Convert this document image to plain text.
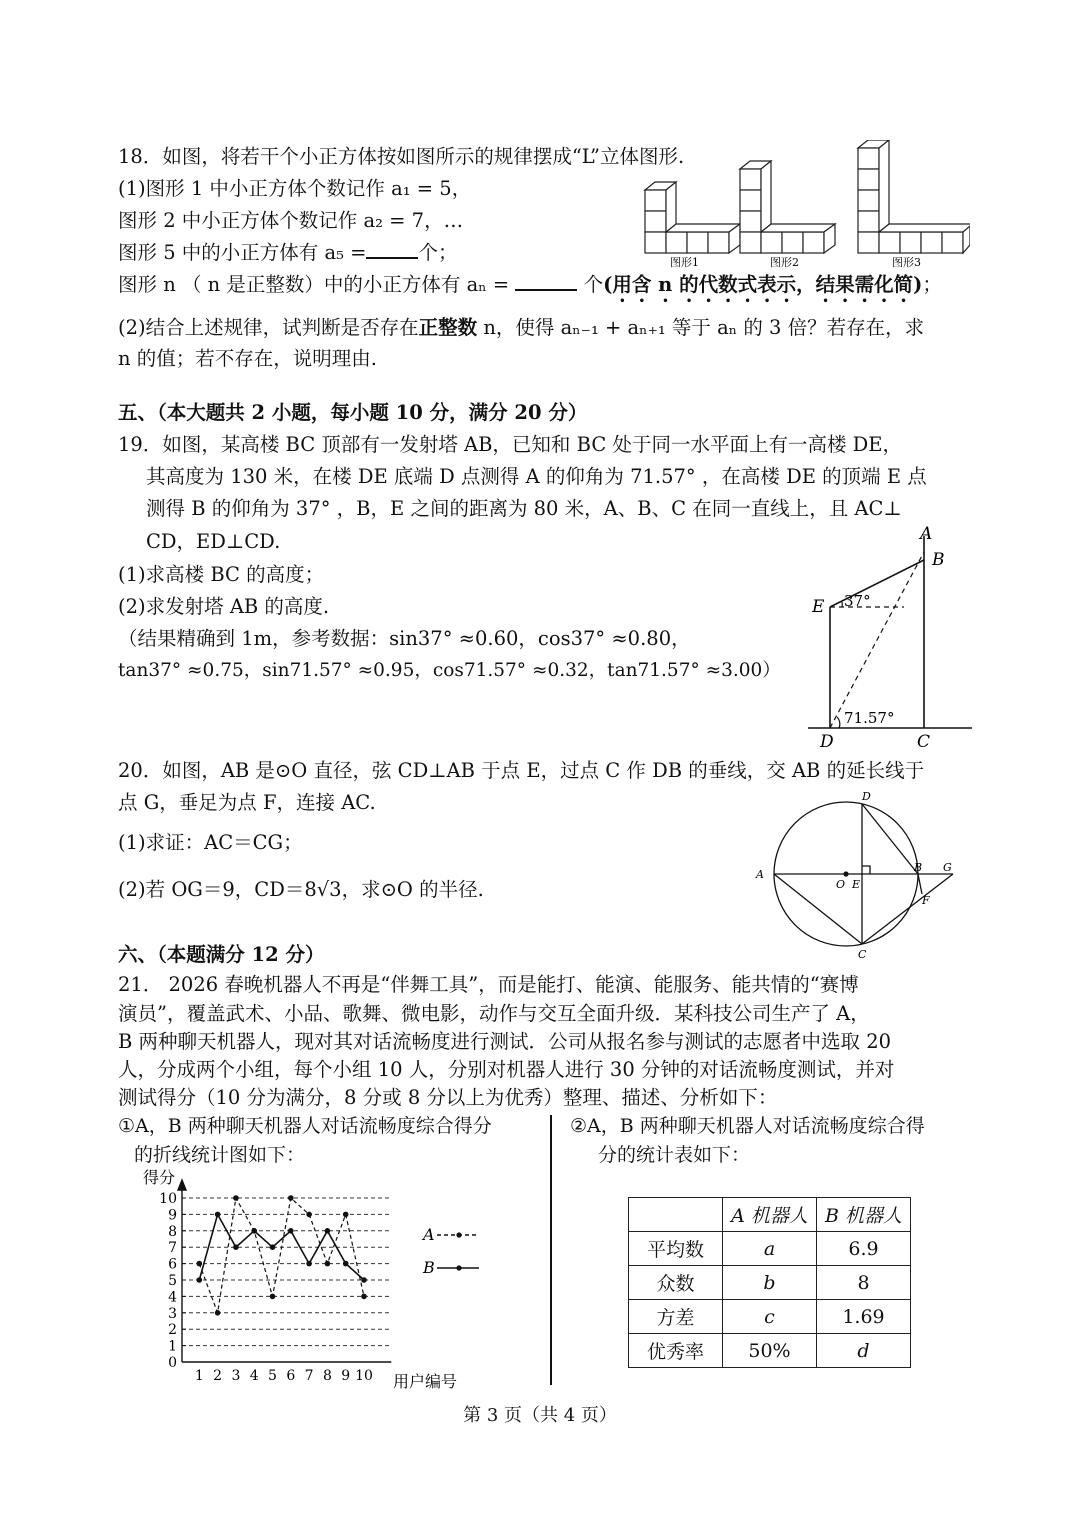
18．如图，将若干个小正方体按如图所示的规律摆成“L”立体图形.
(1)图形 1 中小正方体个数记作 a₁ = 5，
图形 2 中小正方体个数记作 a₂ = 7，…
图形 5 中的小正方体有 a₅ =	个；
图形 n （ n 是正整数）中的小正方体有 aₙ =	个(用含 n 的代数式表示，结果需化简)；
(2)结合上述规律，试判断是否存在正整数 n，使得 aₙ₋₁ + aₙ₊₁ 等于 aₙ 的 3 倍？若存在，求
n 的值；若不存在，说明理由.
图形1	图形2	图形3
五、（本大题共 2 小题，每小题 10 分，满分 20 分）
19．如图，某高楼 BC 顶部有一发射塔 AB，已知和 BC 处于同一水平面上有一高楼 DE，
其高度为 130 米，在楼 DE 底端 D 点测得 A 的仰角为 71.57° ，在高楼 DE 的顶端 E 点
测得 B 的仰角为 37° ，B，E 之间的距离为 80 米，A、B、C 在同一直线上，且 AC⊥
CD，ED⊥CD.
(1)求高楼 BC 的高度；
(2)求发射塔 AB 的高度.
（结果精确到 1m，参考数据：sin37° ≈0.60，cos37° ≈0.80，
tan37° ≈0.75，sin71.57° ≈0.95，cos71.57° ≈0.32，tan71.57° ≈3.00）
A
B
E 37°
71.57°
D	C
20．如图，AB 是⊙O 直径，弦 CD⊥AB 于点 E，过点 C 作 DB 的垂线，交 AB 的延长线于
点 G，垂足为点 F，连接 AC.
(1)求证：AC＝CG；
(2)若 OG＝9，CD＝8√3，求⊙O 的半径.
D
A
O E
B G
F
C
六、（本题满分 12 分）
21． 2026 春晚机器人不再是“伴舞工具”，而是能打、能演、能服务、能共情的“赛博
演员”，覆盖武术、小品、歌舞、微电影，动作与交互全面升级．某科技公司生产了 A，
B 两种聊天机器人，现对其对话流畅度进行测试．公司从报名参与测试的志愿者中选取 20
人，分成两个小组，每个小组 10 人，分别对机器人进行 30 分钟的对话流畅度测试，并对
测试得分（10 分为满分，8 分或 8 分以上为优秀）整理、描述、分析如下：
①A，B 两种聊天机器人对话流畅度综合得分
的折线统计图如下：
②A，B 两种聊天机器人对话流畅度综合得
分的统计表如下：
0
1
2
3
4
5
6
7
8
9
10
1 2 3 4 5 6 7 8 9 10
得分
用户编号
A
B
	A 机器人	B 机器人
平均数	a	6.9
众数	b	8
方差	c	1.69
优秀率	50%	d
第 3 页（共 4 页）
